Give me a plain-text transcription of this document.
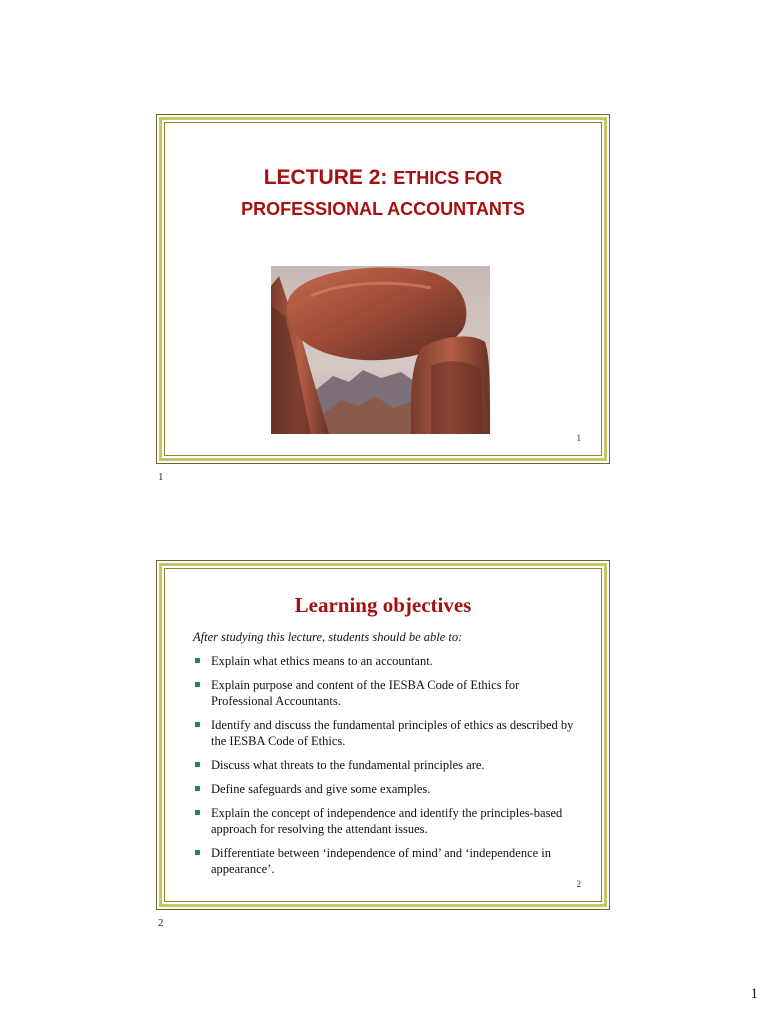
LECTURE 2: ETHICS FOR
PROFESSIONAL ACCOUNTANTS
1
1
Learning objectives
After studying this lecture, students should be able to:
Explain what ethics means to an accountant.
Explain purpose and content of the IESBA Code of Ethics for Professional Accountants.
Identify and discuss the fundamental principles of ethics as described by the IESBA Code of Ethics.
Discuss what threats to the fundamental principles are.
Define safeguards and give some examples.
Explain the concept of independence and identify the principles-based approach for resolving the attendant issues.
Differentiate between ‘independence of mind’ and ‘independence in appearance’.
2
2
1
